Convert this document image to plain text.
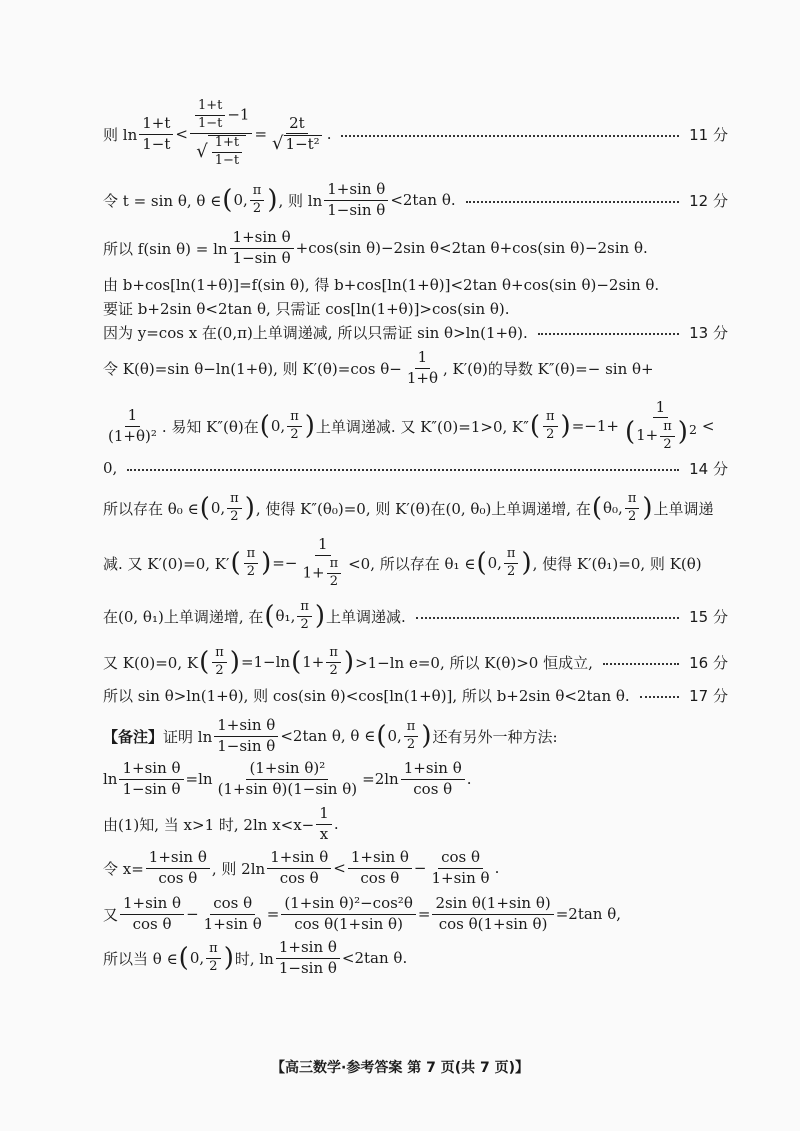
则 $\ln \frac{1+t}{1-t} < \frac{\frac{1+t}{1-t} -1}{√ \frac{1+t}{1-t}} = \frac{2t}{\text{√ 1−t²}}$ .	11 分
令 t = sin θ, θ ∈ ( 0, $\frac{\pi}{2}$ ) , 则 $\ln \frac{\text{1+sin θ}}{\text{1−sin θ}} <2\tan$ θ.	12 分
所以 f(sin $\theta) = \ln \frac{\text{1+sin θ}}{\text{1−sin θ}} +\cos(\sin$ θ)−2sin θ<2tan θ+cos(sin θ)−2sin θ.
由 b+cos[ln(1+θ)]=f(sin θ), 得 b+cos[ln(1+θ)]<2tan θ+cos(sin θ)−2sin θ.
要证 b+2sin θ<2tan θ, 只需证 cos[ln(1+θ)]>cos(sin θ).
因为 y=cos x 在(0,π)上单调递减, 所以只需证 sin θ>ln(1+θ).	13 分
令 K(θ)=sin θ−ln(1+θ), 则 K′(θ)=cos $\theta- \frac{1}{1+\theta}$ , K′(θ)的导数 K″(θ)=− sin θ+
$\frac{1}{\text{(1+θ)²}}$ . 易知 K″(θ)在 ( 0, $\frac{\pi}{2}$ ) 上单调递减. 又 K″(0)=1>0, K″ ( $\frac{\pi}{2}$ ) $=-1+ \frac{1}{(1+ \frac{\pi}{2} )^2}$ <
0,	14 分
所以存在 θ₀ ∈ ( 0, $\frac{\pi}{2}$ ) , 使得 K″(θ₀)=0, 则 K′(θ)在(0, θ₀)上单调递增, 在 ( θ₀, $\frac{\pi}{2}$ ) 上单调递
减. 又 K′(0)=0, K′ ( $\frac{\pi}{2}$ ) =− $\frac{1}{1+ \frac{\pi}{2}} <0$, 所以存在 θ₁ ∈ ( 0, $\frac{\pi}{2}$ ) , 使得 K′(θ₁)=0, 则 K(θ)
在(0, θ₁)上单调递增, 在 ( θ₁, $\frac{\pi}{2}$ ) 上单调递减.	15 分
又 K(0)=0, K ( $\frac{\pi}{2}$ ) =1−ln ( $1+ \frac{\pi}{2}$ ) >1−ln e=0, 所以 K(θ)>0 恒成立,	16 分
所以 sin θ>ln(1+θ), 则 cos(sin θ)<cos[ln(1+θ)], 所以 b+2sin θ<2tan θ.	17 分
【备注】 证明 $\ln \frac{\text{1+sin θ}}{\text{1−sin θ}} <2\tan$ θ, θ ∈ ( 0, $\frac{\pi}{2}$ ) 还有另外一种方法:
$\ln \frac{\text{1+sin θ}}{\text{1−sin θ}} =\ln \frac{\text{(1+sin θ)²}}{\text{(1+sin θ)(1−sin θ)}} =2\ln \frac{\text{1+sin θ}}{\text{cos θ}}$ .
由(1)知, 当 x>1 时, 2ln $x<x- \frac{1}{x}$ .
令 $x= \frac{\text{1+sin θ}}{\text{cos θ}}$ , 则 $2\ln \frac{\text{1+sin θ}}{\text{cos θ}} < \frac{\text{1+sin θ}}{\text{cos θ}} - \frac{\text{cos θ}}{\text{1+sin θ}}$ .
又 $\frac{\text{1+sin θ}}{\text{cos θ}} - \frac{\text{cos θ}}{\text{1+sin θ}} = \frac{\text{(1+sin θ)²−cos²θ}}{\text{cos θ(1+sin θ)}} = \frac{\text{2sin θ(1+sin θ)}}{\text{cos θ(1+sin θ)}} =2\tan$ θ,
所以当 θ ∈ ( 0, $\frac{\pi}{2}$ ) 时, $\ln \frac{\text{1+sin θ}}{\text{1−sin θ}} <2\tan$ θ.
【高三数学·参考答案 第 7 页(共 7 页)】
